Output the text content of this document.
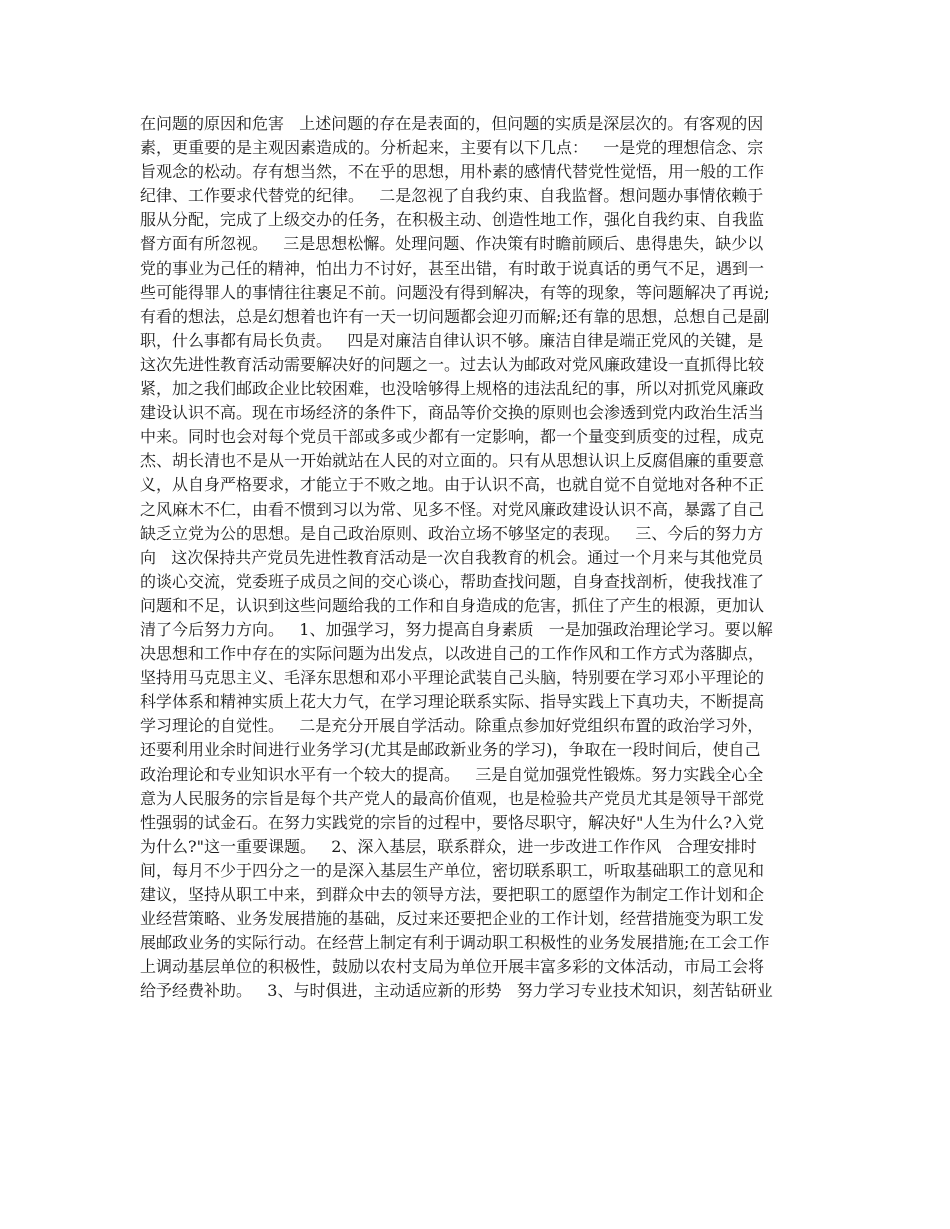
在问题的原因和危害   上述问题的存在是表面的，但问题的实质是深层次的。有客观的因
素，更重要的是主观因素造成的。分析起来，主要有以下几点：   一是党的理想信念、宗
旨观念的松动。存有想当然，不在乎的思想，用朴素的感情代替党性觉悟，用一般的工作
纪律、工作要求代替党的纪律。   二是忽视了自我约束、自我监督。想问题办事情依赖于
服从分配，完成了上级交办的任务，在积极主动、创造性地工作，强化自我约束、自我监
督方面有所忽视。   三是思想松懈。处理问题、作决策有时瞻前顾后、患得患失，缺少以
党的事业为己任的精神，怕出力不讨好，甚至出错，有时敢于说真话的勇气不足，遇到一
些可能得罪人的事情往往裹足不前。问题没有得到解决，有等的现象，等问题解决了再说;
有看的想法，总是幻想着也许有一天一切问题都会迎刃而解;还有靠的思想，总想自己是副
职，什么事都有局长负责。   四是对廉洁自律认识不够。廉洁自律是端正党风的关键，是
这次先进性教育活动需要解决好的问题之一。过去认为邮政对党风廉政建设一直抓得比较
紧，加之我们邮政企业比较困难，也没啥够得上规格的违法乱纪的事，所以对抓党风廉政
建设认识不高。现在市场经济的条件下，商品等价交换的原则也会渗透到党内政治生活当
中来。同时也会对每个党员干部或多或少都有一定影响，都一个量变到质变的过程，成克
杰、胡长清也不是从一开始就站在人民的对立面的。只有从思想认识上反腐倡廉的重要意
义，从自身严格要求，才能立于不败之地。由于认识不高，也就自觉不自觉地对各种不正
之风麻木不仁，由看不惯到习以为常、见多不怪。对党风廉政建设认识不高，暴露了自己
缺乏立党为公的思想。是自己政治原则、政治立场不够坚定的表现。   三、今后的努力方
向   这次保持共产党员先进性教育活动是一次自我教育的机会。通过一个月来与其他党员
的谈心交流，党委班子成员之间的交心谈心，帮助查找问题，自身查找剖析，使我找准了
问题和不足，认识到这些问题给我的工作和自身造成的危害，抓住了产生的根源，更加认
清了今后努力方向。   1、加强学习，努力提高自身素质   一是加强政治理论学习。要以解
决思想和工作中存在的实际问题为出发点，以改进自己的工作作风和工作方式为落脚点，
坚持用马克思主义、毛泽东思想和邓小平理论武装自己头脑，特别要在学习邓小平理论的
科学体系和精神实质上花大力气，在学习理论联系实际、指导实践上下真功夫，不断提高
学习理论的自觉性。   二是充分开展自学活动。除重点参加好党组织布置的政治学习外，
还要利用业余时间进行业务学习(尤其是邮政新业务的学习)，争取在一段时间后，使自己
政治理论和专业知识水平有一个较大的提高。   三是自觉加强党性锻炼。努力实践全心全
意为人民服务的宗旨是每个共产党人的最高价值观，也是检验共产党员尤其是领导干部党
性强弱的试金石。在努力实践党的宗旨的过程中，要恪尽职守，解决好"人生为什么?入党
为什么?"这一重要课题。   2、深入基层，联系群众，进一步改进工作作风   合理安排时
间，每月不少于四分之一的是深入基层生产单位，密切联系职工，听取基础职工的意见和
建议，坚持从职工中来，到群众中去的领导方法，要把职工的愿望作为制定工作计划和企
业经营策略、业务发展措施的基础，反过来还要把企业的工作计划，经营措施变为职工发
展邮政业务的实际行动。在经营上制定有利于调动职工积极性的业务发展措施;在工会工作
上调动基层单位的积极性，鼓励以农村支局为单位开展丰富多彩的文体活动，市局工会将
给予经费补助。   3、与时俱进，主动适应新的形势   努力学习专业技术知识，刻苦钻研业
